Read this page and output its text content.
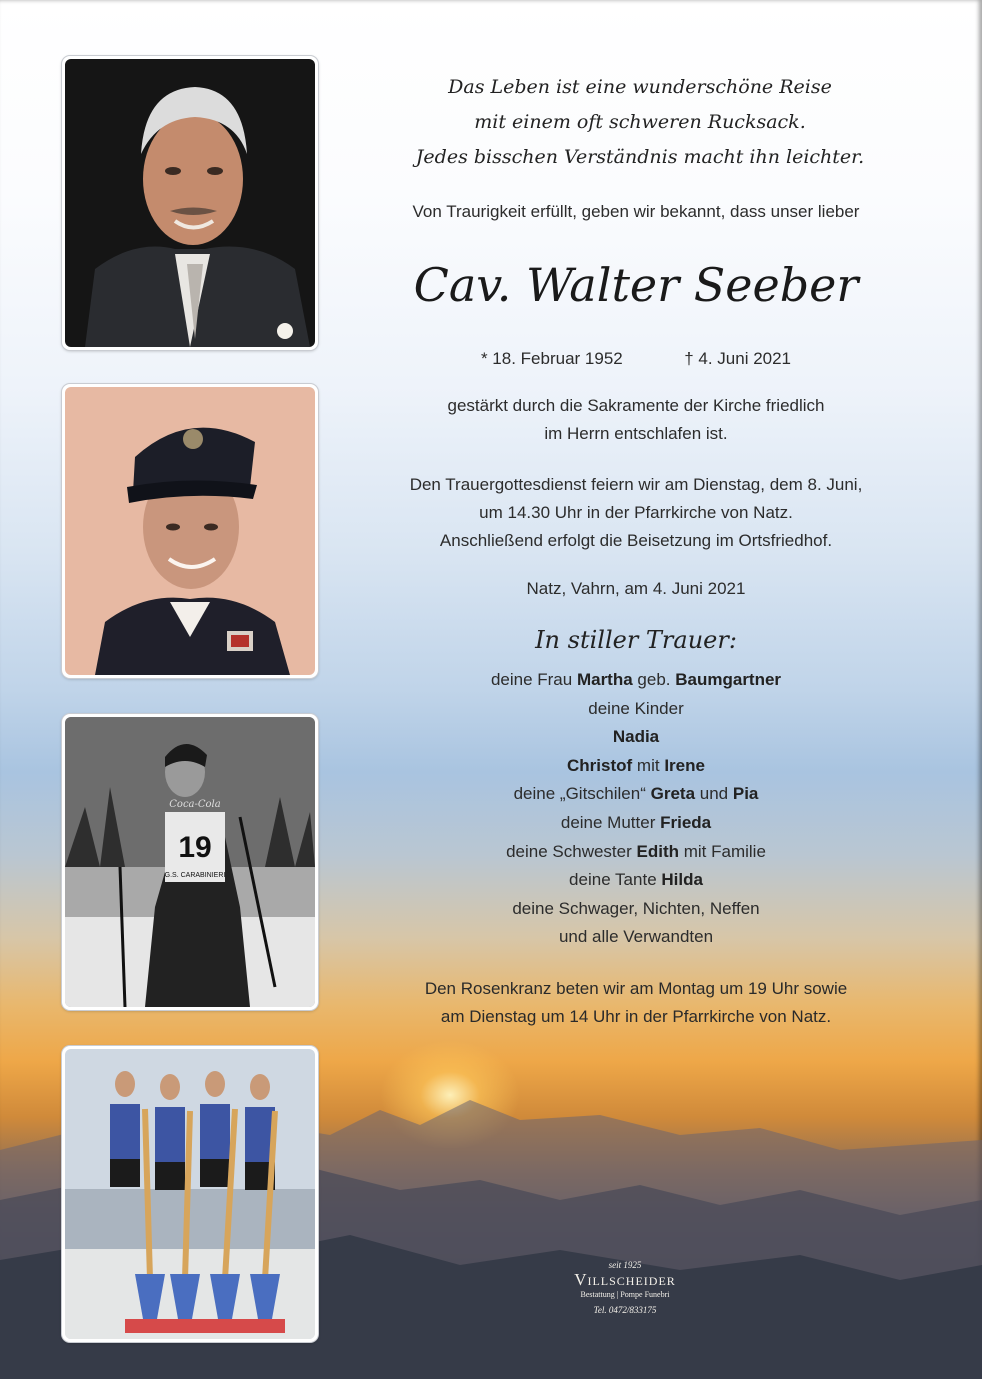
19
G.S. CARABINIERI
Coca-Cola
Das Leben ist eine wunderschöne Reise
mit einem oft schweren Rucksack.
Jedes bisschen Verständnis macht ihn leichter.
Von Traurigkeit erfüllt, geben wir bekannt, dass unser lieber
Cav. Walter Seeber
* 18. Februar 1952	† 4. Juni 2021
gestärkt durch die Sakramente der Kirche friedlich
im Herrn entschlafen ist.
Den Trauergottesdienst feiern wir am Dienstag, dem 8. Juni,
um 14.30 Uhr in der Pfarrkirche von Natz.
Anschließend erfolgt die Beisetzung im Ortsfriedhof.
Natz, Vahrn, am 4. Juni 2021
In stiller Trauer:
deine Frau Martha geb. Baumgartner
deine Kinder
Nadia
Christof mit Irene
deine „Gitschilen“ Greta und Pia
deine Mutter Frieda
deine Schwester Edith mit Familie
deine Tante Hilda
deine Schwager, Nichten, Neffen
und alle Verwandten
Den Rosenkranz beten wir am Montag um 19 Uhr sowie
am Dienstag um 14 Uhr in der Pfarrkirche von Natz.
seit 1925
Villscheider
Bestattung | Pompe Funebri
Tel. 0472/833175
